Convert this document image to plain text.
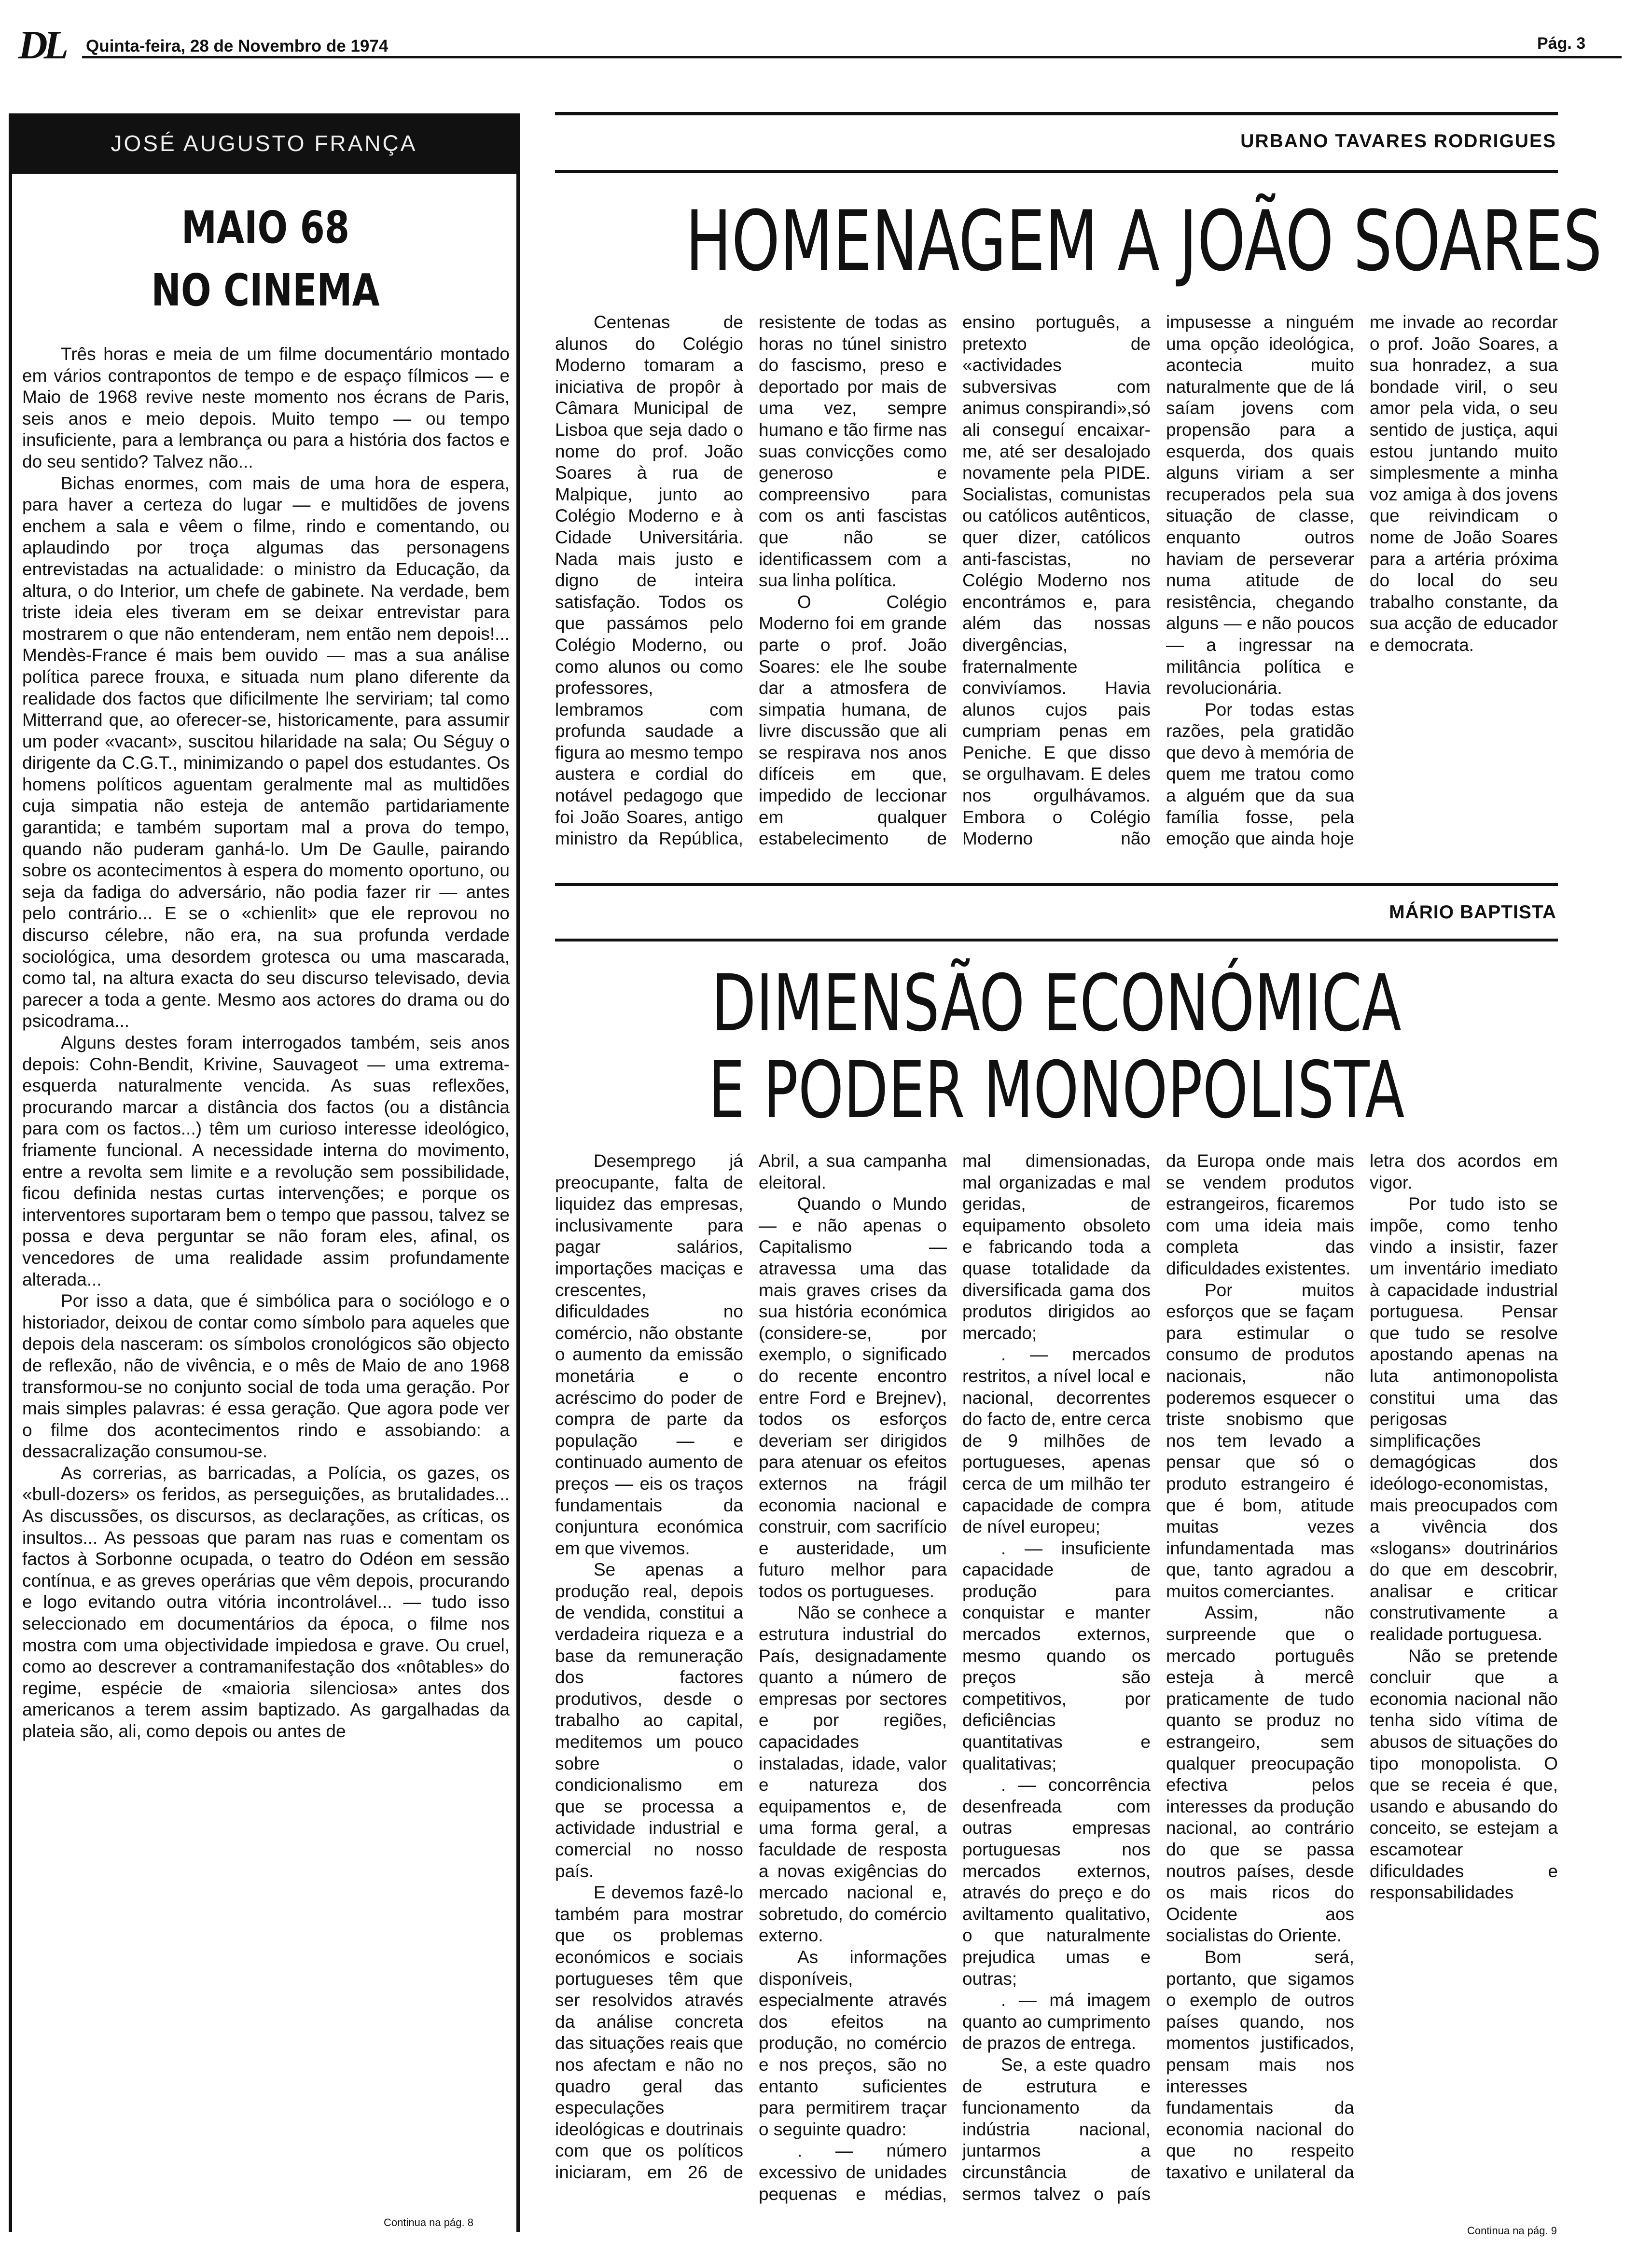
DL Quinta-feira, 28 de Novembro de 1974	Pág. 3
JOSÉ AUGUSTO FRANÇA
MAIO 68
NO CINEMA

Três horas e meia de um filme documentário montado em vários contrapontos de tempo e de espaço fílmicos — e Maio de 1968 revive neste momento nos écrans de Paris, seis anos e meio depois. Muito tempo — ou tempo insuficiente, para a lembrança ou para a história dos factos e do seu sentido? Talvez não...

Bichas enormes, com mais de uma hora de espera, para haver a certeza do lugar — e multidões de jovens enchem a sala e vêem o filme, rindo e comentando, ou aplaudindo por troça algumas das personagens entrevistadas na actualidade: o ministro da Educação, da altura, o do Interior, um chefe de gabinete. Na verdade, bem triste ideia eles tiveram em se deixar entrevistar para mostrarem o que não entenderam, nem então nem depois!... Mendès-France é mais bem ouvido — mas a sua análise política parece frouxa, e situada num plano diferente da realidade dos factos que dificilmente lhe serviriam; tal como Mitterrand que, ao oferecer-se, historicamente, para assumir um poder «vacant», suscitou hilaridade na sala; Ou Séguy o dirigente da C.G.T., minimizando o papel dos estudantes. Os homens políticos aguentam geralmente mal as multidões cuja simpatia não esteja de antemão partidariamente garantida; e também suportam mal a prova do tempo, quando não puderam ganhá-lo. Um De Gaulle, pairando sobre os acontecimentos à espera do momento oportuno, ou seja da fadiga do adversário, não podia fazer rir — antes pelo contrário... E se o «chienlit» que ele reprovou no discurso célebre, não era, na sua profunda verdade sociológica, uma desordem grotesca ou uma mascarada, como tal, na altura exacta do seu discurso televisado, devia parecer a toda a gente. Mesmo aos actores do drama ou do psicodrama...

Alguns destes foram interrogados também, seis anos depois: Cohn-Bendit, Krivine, Sauvageot — uma extrema-esquerda naturalmente vencida. As suas reflexões, procurando marcar a distância dos factos (ou a distância para com os factos...) têm um curioso interesse ideológico, friamente funcional. A necessidade interna do movimento, entre a revolta sem limite e a revolução sem possibilidade, ficou definida nestas curtas intervenções; e porque os interventores suportaram bem o tempo que passou, talvez se possa e deva perguntar se não foram eles, afinal, os vencedores de uma realidade assim profundamente alterada...

Por isso a data, que é simbólica para o sociólogo e o historiador, deixou de contar como símbolo para aqueles que depois dela nasceram: os símbolos cronológicos são objecto de reflexão, não de vivência, e o mês de Maio de ano 1968 transformou-se no conjunto social de toda uma geração. Por mais simples palavras: é essa geração. Que agora pode ver o filme dos acontecimentos rindo e assobiando: a dessacralização consumou-se.

As correrias, as barricadas, a Polícia, os gazes, os «bull-dozers» os feridos, as perseguições, as brutalidades... As discussões, os discursos, as declarações, as críticas, os insultos... As pessoas que param nas ruas e comentam os factos à Sorbonne ocupada, o teatro do Odéon em sessão contínua, e as greves operárias que vêm depois, procurando e logo evitando outra vitória incontrolável... — tudo isso seleccionado em documentários da época, o filme nos mostra com uma objectividade impiedosa e grave. Ou cruel, como ao descrever a contramanifestação dos «nôtables» do regime, espécie de «maioria silenciosa» antes dos americanos a terem assim baptizado. As gargalhadas da plateia são, ali, como depois ou antes de

Continua na pág. 8
URBANO TAVARES RODRIGUES
HOMENAGEM A JOÃO SOARES

Centenas de alunos do Colégio Moderno tomaram a iniciativa de propôr à Câmara Municipal de Lisboa que seja dado o nome do prof. João Soares à rua de Malpique, junto ao Colégio Moderno e à Cidade Universitária. Nada mais justo e digno de inteira satisfação. Todos os que passámos pelo Colégio Moderno, ou como alunos ou como professores, lembramos com profunda saudade a figura ao mesmo tempo austera e cordial do notável pedagogo que foi João Soares, antigo ministro da República, resistente de todas as horas no túnel sinistro do fascismo, preso e deportado por mais de uma vez, sempre humano e tão firme nas suas convicções como generoso e compreensivo para com os anti fascistas que não se identificassem com a sua linha política.

O Colégio Moderno foi em grande parte o prof. João Soares: ele lhe soube dar a atmosfera de simpatia humana, de livre discussão que ali se respirava nos anos difíceis em que, impedido de leccionar em qualquer estabelecimento de ensino português, a pretexto de «actividades subversivas com animus conspirandi»,só ali conseguí encaixar-me, até ser desalojado novamente pela PIDE. Socialistas, comunistas ou católicos autênticos, quer dizer, católicos anti-fascistas, no Colégio Moderno nos encontrámos e, para além das nossas divergências, fraternalmente convivíamos. Havia alunos cujos pais cumpriam penas em Peniche. E que disso se orgulhavam. E deles nos orgulhávamos. Embora o Colégio Moderno não impusesse a ninguém uma opção ideológica, acontecia muito naturalmente que de lá saíam jovens com propensão para a esquerda, dos quais alguns viriam a ser recuperados pela sua situação de classe, enquanto outros haviam de perseverar numa atitude de resistência, chegando alguns — e não poucos — a ingressar na militância política e revolucionária.

Por todas estas razões, pela gratidão que devo à memória de quem me tratou como a alguém que da sua família fosse, pela emoção que ainda hoje me invade ao recordar o prof. João Soares, a sua honradez, a sua bondade viril, o seu amor pela vida, o seu sentido de justiça, aqui estou juntando muito simplesmente a minha voz amiga à dos jovens que reivindicam o nome de João Soares para a artéria próxima do local do seu trabalho constante, da sua acção de educador e democrata.

MÁRIO BAPTISTA
DIMENSÃO ECONÓMICA
E PODER MONOPOLISTA

Desemprego já preocupante, falta de liquidez das empresas, inclusivamente para pagar salários, importações maciças e crescentes, dificuldades no comércio, não obstante o aumento da emissão monetária e o acréscimo do poder de compra de parte da população — e continuado aumento de preços — eis os traços fundamentais da conjuntura económica em que vivemos.

Se apenas a produção real, depois de vendida, constitui a verdadeira riqueza e a base da remuneração dos factores produtivos, desde o trabalho ao capital, meditemos um pouco sobre o condicionalismo em que se processa a actividade industrial e comercial no nosso país.

E devemos fazê-lo também para mostrar que os problemas económicos e sociais portugueses têm que ser resolvidos através da análise concreta das situações reais que nos afectam e não no quadro geral das especulações ideológicas e doutrinais com que os políticos iniciaram, em 26 de Abril, a sua campanha eleitoral.

Quando o Mundo — e não apenas o Capitalismo — atravessa uma das mais graves crises da sua história económica (considere-se, por exemplo, o significado do recente encontro entre Ford e Brejnev), todos os esforços deveriam ser dirigidos para atenuar os efeitos externos na frágil economia nacional e construir, com sacrifício e austeridade, um futuro melhor para todos os portugueses.

Não se conhece a estrutura industrial do País, designadamente quanto a número de empresas por sectores e por regiões, capacidades instaladas, idade, valor e natureza dos equipamentos e, de uma forma geral, a faculdade de resposta a novas exigências do mercado nacional e, sobretudo, do comércio externo.

As informações disponíveis, especialmente através dos efeitos na produção, no comércio e nos preços, são no entanto suficientes para permitirem traçar o seguinte quadro:

. — número excessivo de unidades pequenas e médias, mal dimensionadas, mal organizadas e mal geridas, de equipamento obsoleto e fabricando toda a quase totalidade da diversificada gama dos produtos dirigidos ao mercado;

. — mercados restritos, a nível local e nacional, decorrentes do facto de, entre cerca de 9 milhões de portugueses, apenas cerca de um milhão ter capacidade de compra de nível europeu;

. — insuficiente capacidade de produção para conquistar e manter mercados externos, mesmo quando os preços são competitivos, por deficiências quantitativas e qualitativas;

. — concorrência desenfreada com outras empresas portuguesas nos mercados externos, através do preço e do aviltamento qualitativo, o que naturalmente prejudica umas e outras;

. — má imagem quanto ao cumprimento de prazos de entrega.

Se, a este quadro de estrutura e funcionamento da indústria nacional, juntarmos a circunstância de sermos talvez o país da Europa onde mais se vendem produtos estrangeiros, ficaremos com uma ideia mais completa das dificuldades existentes.

Por muitos esforços que se façam para estimular o consumo de produtos nacionais, não poderemos esquecer o triste snobismo que nos tem levado a pensar que só o produto estrangeiro é que é bom, atitude muitas vezes infundamentada mas que, tanto agradou a muitos comerciantes.

Assim, não surpreende que o mercado português esteja à mercê praticamente de tudo quanto se produz no estrangeiro, sem qualquer preocupação efectiva pelos interesses da produção nacional, ao contrário do que se passa noutros países, desde os mais ricos do Ocidente aos socialistas do Oriente.

Bom será, portanto, que sigamos o exemplo de outros países quando, nos momentos justificados, pensam mais nos interesses fundamentais da economia nacional do que no respeito taxativo e unilateral da letra dos acordos em vigor.

Por tudo isto se impõe, como tenho vindo a insistir, fazer um inventário imediato à capacidade industrial portuguesa. Pensar que tudo se resolve apostando apenas na luta antimonopolista constitui uma das perigosas simplificações demagógicas dos ideólogo-economistas, mais preocupados com a vivência dos «slogans» doutrinários do que em descobrir, analisar e criticar construtivamente a realidade portuguesa.

Não se pretende concluir que a economia nacional não tenha sido vítima de abusos de situações do tipo monopolista. O que se receia é que, usando e abusando do conceito, se estejam a escamotear dificuldades e responsabilidades

Continua na pág. 9
